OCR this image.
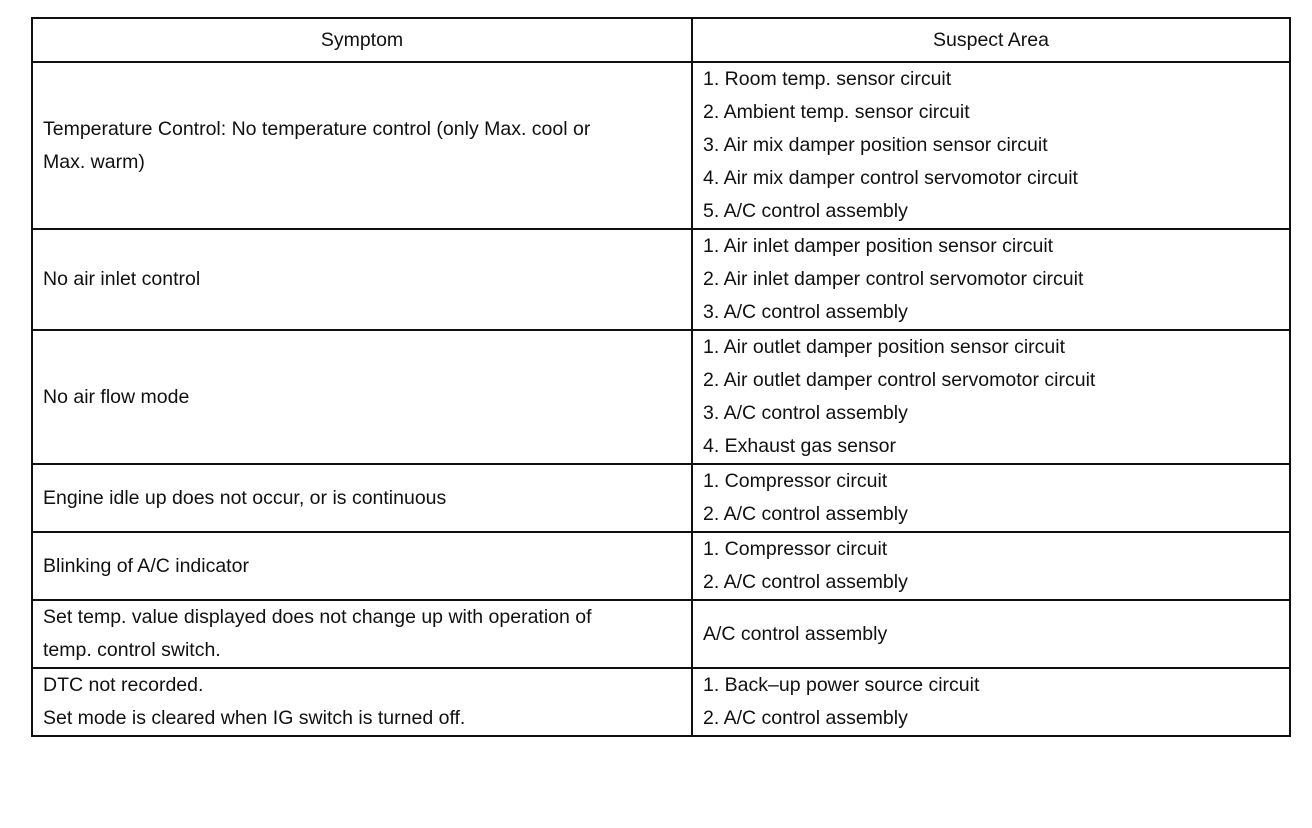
Symptom	Suspect Area

Temperature Control: No temperature control (only Max. cool or
Max. warm)	1. Room temp. sensor circuit
2. Ambient temp. sensor circuit
3. Air mix damper position sensor circuit
4. Air mix damper control servomotor circuit
5. A/C control assembly

No air inlet control	1. Air inlet damper position sensor circuit
2. Air inlet damper control servomotor circuit
3. A/C control assembly

No air flow mode	1. Air outlet damper position sensor circuit
2. Air outlet damper control servomotor circuit
3. A/C control assembly
4. Exhaust gas sensor

Engine idle up does not occur, or is continuous	1. Compressor circuit
2. A/C control assembly

Blinking of A/C indicator	1. Compressor circuit
2. A/C control assembly

Set temp. value displayed does not change up with operation of
temp. control switch.	A/C control assembly

DTC not recorded.
Set mode is cleared when IG switch is turned off.	1. Back–up power source circuit
2. A/C control assembly
